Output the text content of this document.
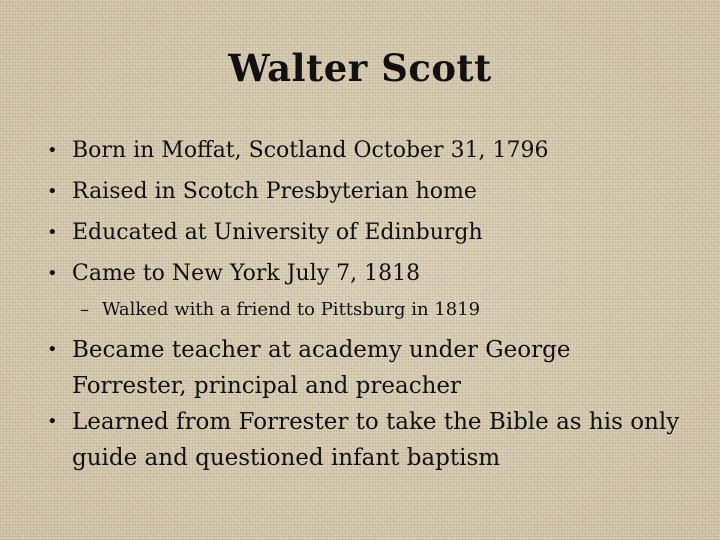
Walter Scott
• Born in Moffat, Scotland October 31, 1796
• Raised in Scotch Presbyterian home
• Educated at University of Edinburgh
• Came to New York July 7, 1818
– Walked with a friend to Pittsburg in 1819
• Became teacher at academy under George Forrester, principal and preacher
• Learned from Forrester to take the Bible as his only guide and questioned infant baptism
